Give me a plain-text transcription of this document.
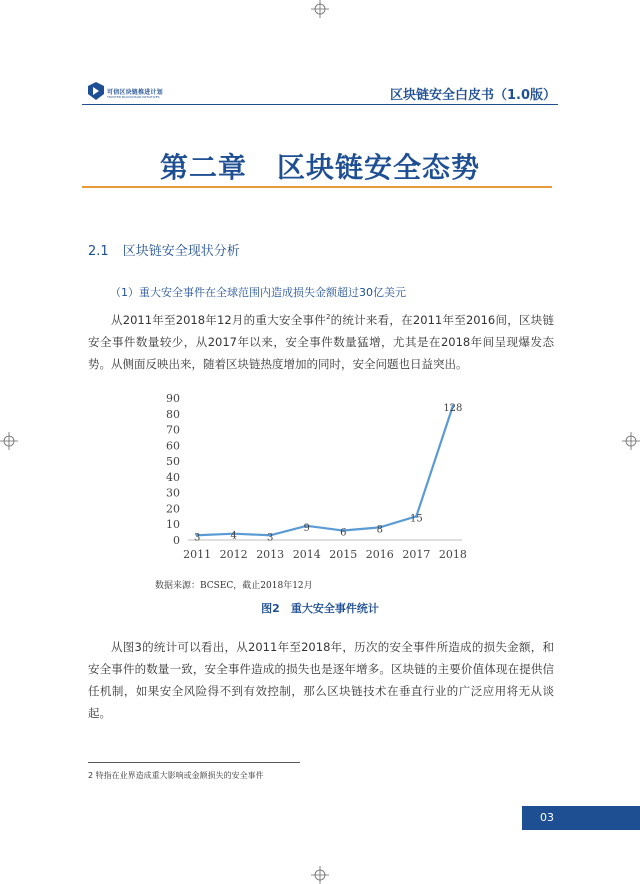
可信区块链推进计划
TRUSTED BLOCKCHAIN INITIATIVES	区块链安全白皮书（1.0版）
第二章 区块链安全态势
2.1 区块链安全现状分析
（1）重大安全事件在全球范围内造成损失金额超过30亿美元
从2011年至2018年12月的重大安全事件$^2$的统计来看，在2011年至2016间，区块链安全事件数量较少，从2017年以来，安全事件数量猛增，尤其是在2018年间呈现爆发态势。从侧面反映出来，随着区块链热度增加的同时，安全问题也日益突出。
0
10
20
30
40
50
60
70
80
90
2011 2012 2013 2014 2015 2016 2017 2018
3	4	3
9	6	8
15
128
数据来源：BCSEC，截止2018年12月
图2　重大安全事件统计
从图3的统计可以看出，从2011年至2018年，历次的安全事件所造成的损失金额，和安全事件的数量一致，安全事件造成的损失也是逐年增多。区块链的主要价值体现在提供信任机制，如果安全风险得不到有效控制，那么区块链技术在垂直行业的广泛应用将无从谈起。
2 特指在业界造成重大影响或金额损失的安全事件
03
